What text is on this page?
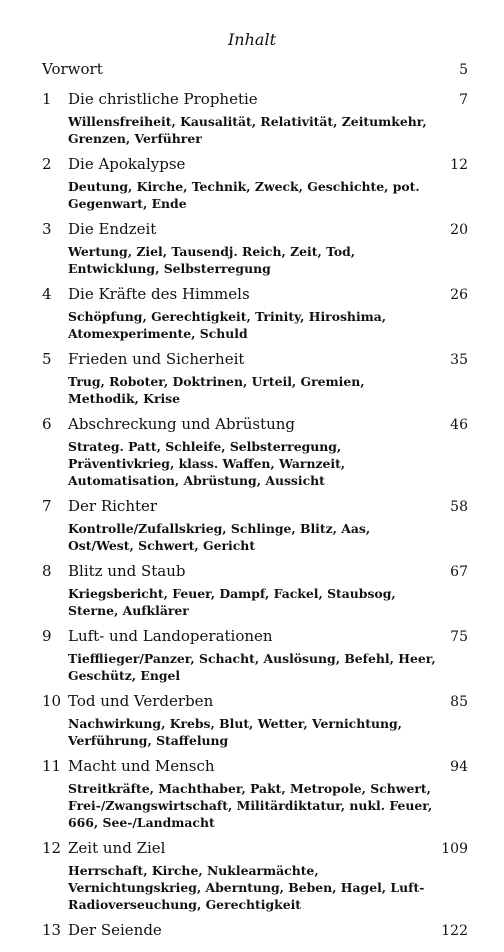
Inhalt
Vorwort	5
1	Die christliche Prophetie	7
Willensfreiheit, Kausalität, Relativität, Zeitumkehr, Grenzen, Verführer
2	Die Apokalypse	12
Deutung, Kirche, Technik, Zweck, Geschichte, pot. Gegenwart, Ende
3	Die Endzeit	20
Wertung, Ziel, Tausendj. Reich, Zeit, Tod, Entwicklung, Selbsterregung
4	Die Kräfte des Himmels	26
Schöpfung, Gerechtigkeit, Trinity, Hiroshima, Atomexperimente, Schuld
5	Frieden und Sicherheit	35
Trug, Roboter, Doktrinen, Urteil, Gremien, Methodik, Krise
6	Abschreckung und Abrüstung	46
Strateg. Patt, Schleife, Selbsterregung, Präventivkrieg, klass. Waffen, Warnzeit, Automatisation, Abrüstung, Aussicht
7	Der Richter	58
Kontrolle/Zufallskrieg, Schlinge, Blitz, Aas, Ost/West, Schwert, Gericht
8	Blitz und Staub	67
Kriegsbericht, Feuer, Dampf, Fackel, Staubsog, Sterne, Aufklärer
9	Luft- und Landoperationen	75
Tiefflieger/Panzer, Schacht, Auslösung, Befehl, Heer, Geschütz, Engel
10 Tod und Verderben	85
Nachwirkung, Krebs, Blut, Wetter, Vernichtung, Verführung, Staffelung
11 Macht und Mensch	94
Streitkräfte, Machthaber, Pakt, Metropole, Schwert, Frei-/Zwangswirtschaft, Militärdiktatur, nukl. Feuer, 666, See-/Landmacht
12 Zeit und Ziel	109
Herrschaft, Kirche, Nuklearmächte, Vernichtungskrieg, Aberntung, Beben, Hagel, Luft-Radioverseuchung, Gerechtigkeit
13 Der Seiende	122
